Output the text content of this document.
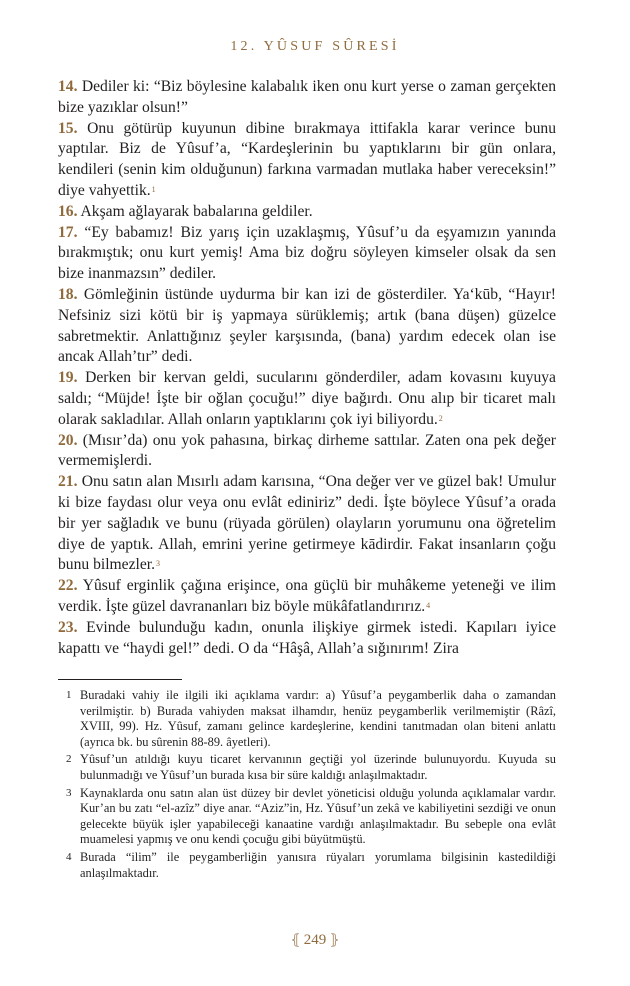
12. YÛSUF SÛRESİ

14. Dediler ki: “Biz böylesine kalabalık iken onu kurt yerse o zaman gerçekten bize yazıklar olsun!”

15. Onu götürüp kuyunun dibine bırakmaya ittifakla karar verince bunu yaptılar. Biz de Yûsuf’a, “Kardeşlerinin bu yaptıklarını bir gün onlara, kendileri (senin kim olduğunun) farkına varmadan mutlaka haber vereceksin!” diye vahyettik.$^1$

16. Akşam ağlayarak babalarına geldiler.

17. “Ey babamız! Biz yarış için uzaklaşmış, Yûsuf’u da eşyamızın yanında bırakmıştık; onu kurt yemiş! Ama biz doğru söyleyen kimseler olsak da sen bize inanmazsın” dediler.

18. Gömleğinin üstünde uydurma bir kan izi de gösterdiler. Ya‘kūb, “Hayır! Nefsiniz sizi kötü bir iş yapmaya sürüklemiş; artık (bana düşen) güzelce sabretmektir. Anlattığınız şeyler karşısında, (bana) yardım edecek olan ise ancak Allah’tır” dedi.

19. Derken bir kervan geldi, sucularını gönderdiler, adam kovasını kuyuya saldı; “Müjde! İşte bir oğlan çocuğu!” diye bağırdı. Onu alıp bir ticaret malı olarak sakladılar. Allah onların yaptıklarını çok iyi biliyordu.$^2$

20. (Mısır’da) onu yok pahasına, birkaç dirheme sattılar. Zaten ona pek değer vermemişlerdi.

21. Onu satın alan Mısırlı adam karısına, “Ona değer ver ve güzel bak! Umulur ki bize faydası olur veya onu evlât ediniriz” dedi. İşte böylece Yûsuf’a orada bir yer sağladık ve bunu (rüyada görülen) olayların yorumunu ona öğretelim diye de yaptık. Allah, emrini yerine getirmeye kādirdir. Fakat insanların çoğu bunu bilmezler.$^3$

22. Yûsuf erginlik çağına erişince, ona güçlü bir muhâkeme yeteneği ve ilim verdik. İşte güzel davrananları biz böyle mükâfatlandırırız.$^4$

23. Evinde bulunduğu kadın, onunla ilişkiye girmek istedi. Kapıları iyice kapattı ve “haydi gel!” dedi. O da “Hâşâ, Allah’a sığınırım! Zira

1 Buradaki vahiy ile ilgili iki açıklama vardır: a) Yûsuf’a peygamberlik daha o zamandan verilmiştir. b) Burada vahiyden maksat ilhamdır, henüz peygamberlik verilmemiştir (Râzî, XVIII, 99). Hz. Yûsuf, zamanı gelince kardeşlerine, kendini tanıtmadan olan biteni anlattı (ayrıca bk. bu sûrenin 88-89. âyetleri).
2 Yûsuf’un atıldığı kuyu ticaret kervanının geçtiği yol üzerinde bulunuyordu. Kuyuda su bulunmadığı ve Yûsuf’un burada kısa bir süre kaldığı anlaşılmaktadır.
3 Kaynaklarda onu satın alan üst düzey bir devlet yöneticisi olduğu yolunda açıklamalar vardır. Kur’an bu zatı “el-azîz” diye anar. “Aziz”in, Hz. Yûsuf’un zekâ ve kabiliyetini sezdiği ve onun gelecekte büyük işler yapabileceği kanaatine vardığı anlaşılmaktadır. Bu sebeple ona evlât muamelesi yapmış ve onu kendi çocuğu gibi büyütmüştü.
4 Burada “ilim” ile peygamberliğin yanısıra rüyaları yorumlama bilgisinin kastedildiği anlaşılmaktadır.
⦃ 249 ⦄
